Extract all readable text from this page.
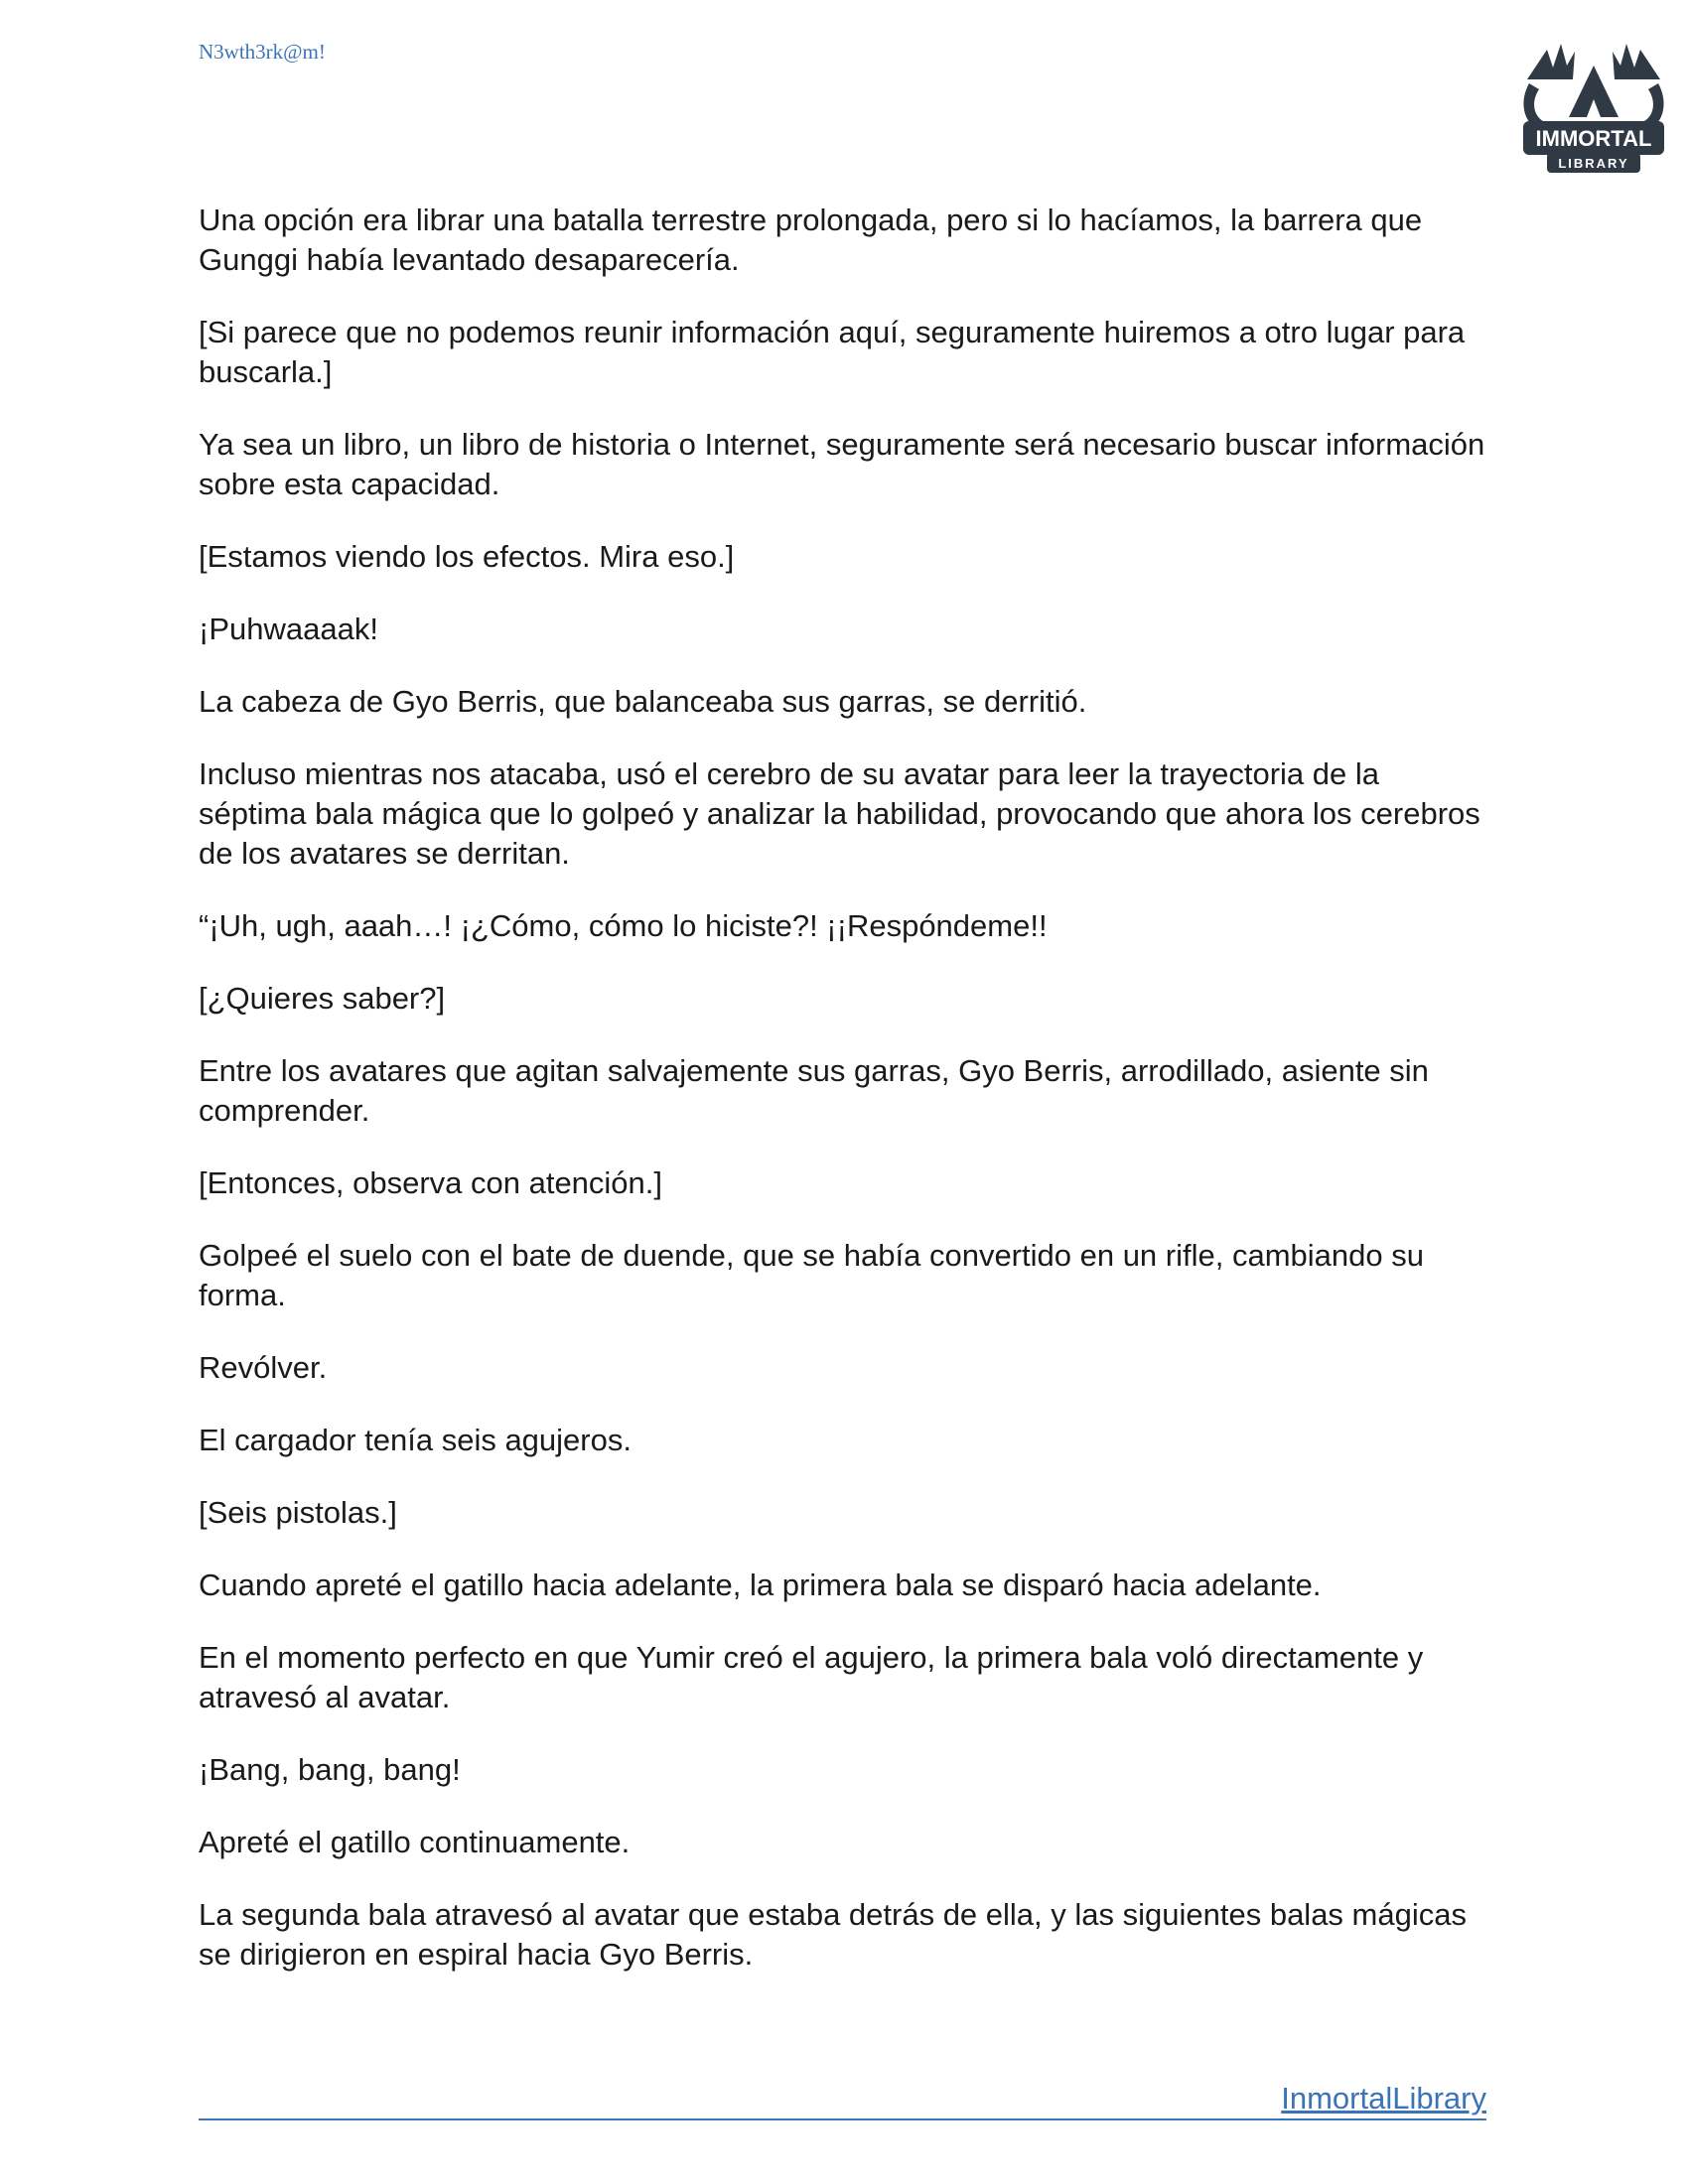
N3wth3rk@m!
IMMORTAL
LIBRARY

Una opción era librar una batalla terrestre prolongada, pero si lo hacíamos, la barrera que Gunggi había levantado desaparecería.

[Si parece que no podemos reunir información aquí, seguramente huiremos a otro lugar para buscarla.]

Ya sea un libro, un libro de historia o Internet, seguramente será necesario buscar información sobre esta capacidad.

[Estamos viendo los efectos. Mira eso.]

¡Puhwaaaak!

La cabeza de Gyo Berris, que balanceaba sus garras, se derritió.

Incluso mientras nos atacaba, usó el cerebro de su avatar para leer la trayectoria de la séptima bala mágica que lo golpeó y analizar la habilidad, provocando que ahora los cerebros de los avatares se derritan.

“¡Uh, ugh, aaah…! ¡¿Cómo, cómo lo hiciste?! ¡¡Respóndeme!!

[¿Quieres saber?]

Entre los avatares que agitan salvajemente sus garras, Gyo Berris, arrodillado, asiente sin comprender.

[Entonces, observa con atención.]

Golpeé el suelo con el bate de duende, que se había convertido en un rifle, cambiando su forma.

Revólver.

El cargador tenía seis agujeros.

[Seis pistolas.]

Cuando apreté el gatillo hacia adelante, la primera bala se disparó hacia adelante.

En el momento perfecto en que Yumir creó el agujero, la primera bala voló directamente y atravesó al avatar.

¡Bang, bang, bang!

Apreté el gatillo continuamente.

La segunda bala atravesó al avatar que estaba detrás de ella, y las siguientes balas mágicas se dirigieron en espiral hacia Gyo Berris.

InmortalLibrary
